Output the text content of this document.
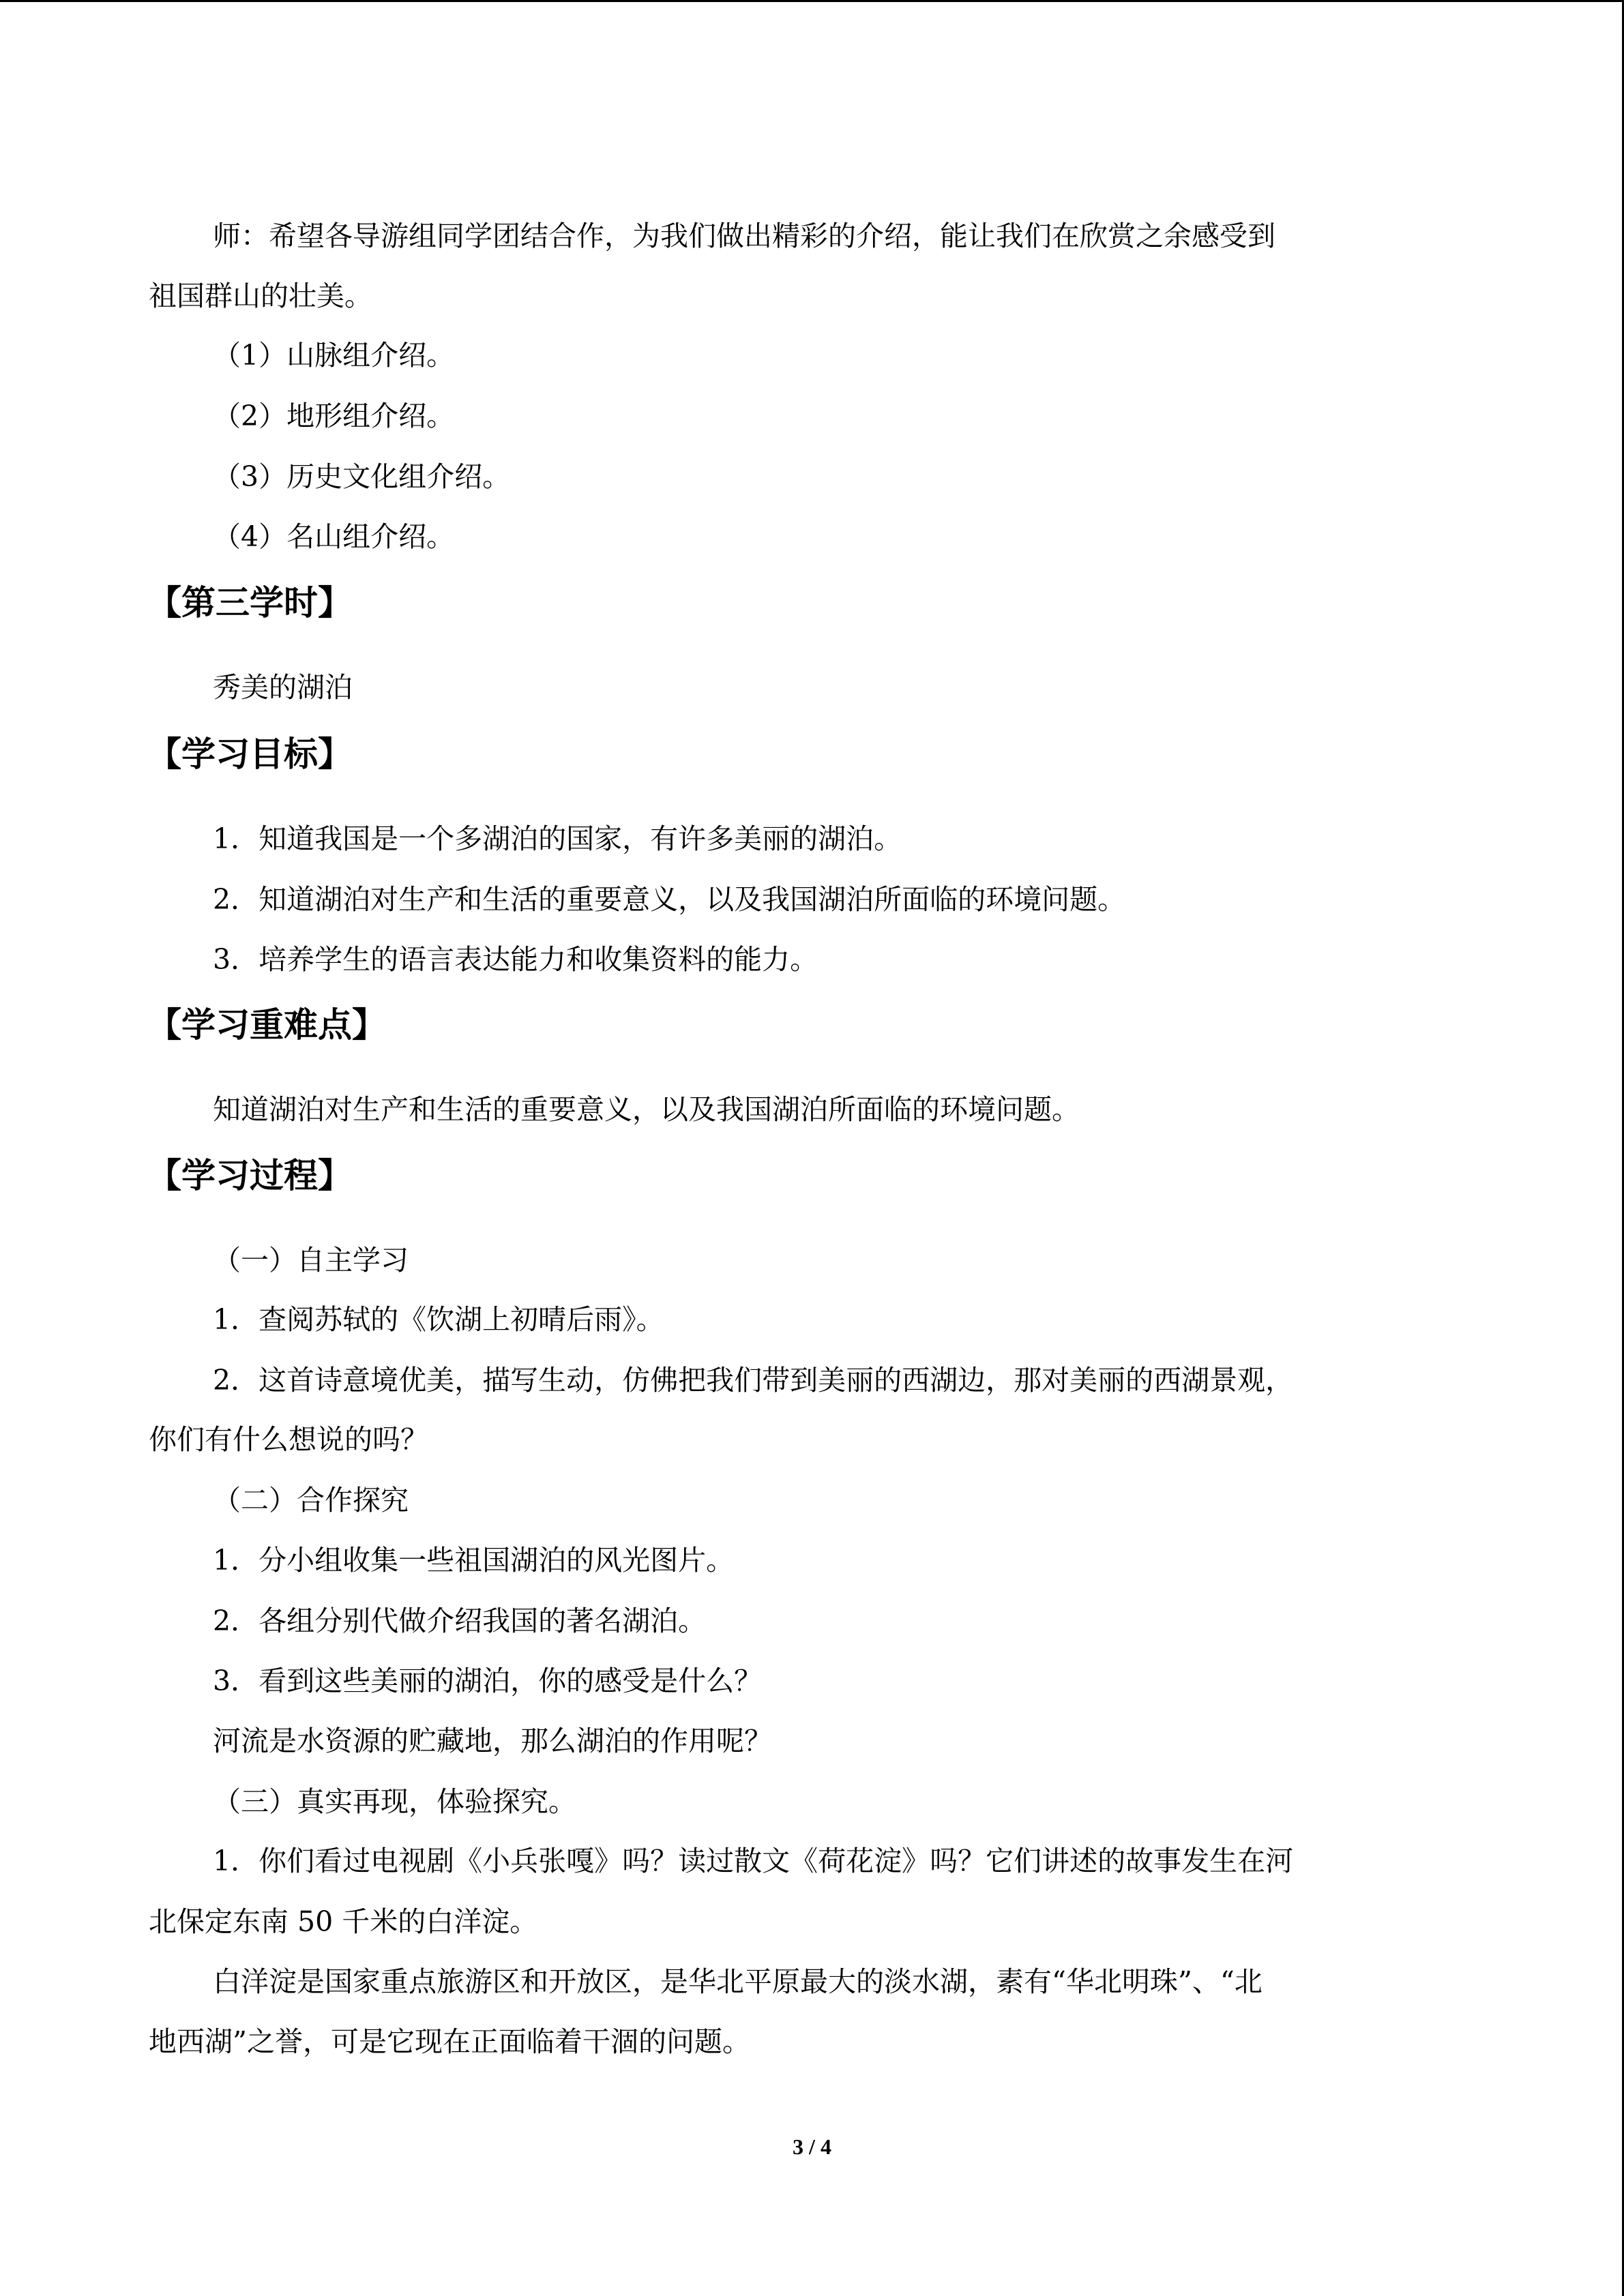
师：希望各导游组同学团结合作，为我们做出精彩的介绍，能让我们在欣赏之余感受到
祖国群山的壮美。
（1）山脉组介绍。
（2）地形组介绍。
（3）历史文化组介绍。
（4）名山组介绍。
【第三学时】
秀美的湖泊
【学习目标】
1．知道我国是一个多湖泊的国家，有许多美丽的湖泊。
2．知道湖泊对生产和生活的重要意义，以及我国湖泊所面临的环境问题。
3．培养学生的语言表达能力和收集资料的能力。
【学习重难点】
知道湖泊对生产和生活的重要意义，以及我国湖泊所面临的环境问题。
【学习过程】
（一）自主学习
1．查阅苏轼的《饮湖上初晴后雨》。
2．这首诗意境优美，描写生动，仿佛把我们带到美丽的西湖边，那对美丽的西湖景观，
你们有什么想说的吗？
（二）合作探究
1．分小组收集一些祖国湖泊的风光图片。
2．各组分别代做介绍我国的著名湖泊。
3．看到这些美丽的湖泊，你的感受是什么？
河流是水资源的贮藏地，那么湖泊的作用呢？
（三）真实再现，体验探究。
1．你们看过电视剧《小兵张嘎》吗？读过散文《荷花淀》吗？它们讲述的故事发生在河
北保定东南 50 千米的白洋淀。
白洋淀是国家重点旅游区和开放区，是华北平原最大的淡水湖，素有“华北明珠”、“北
地西湖”之誉，可是它现在正面临着干涸的问题。
3 / 4
